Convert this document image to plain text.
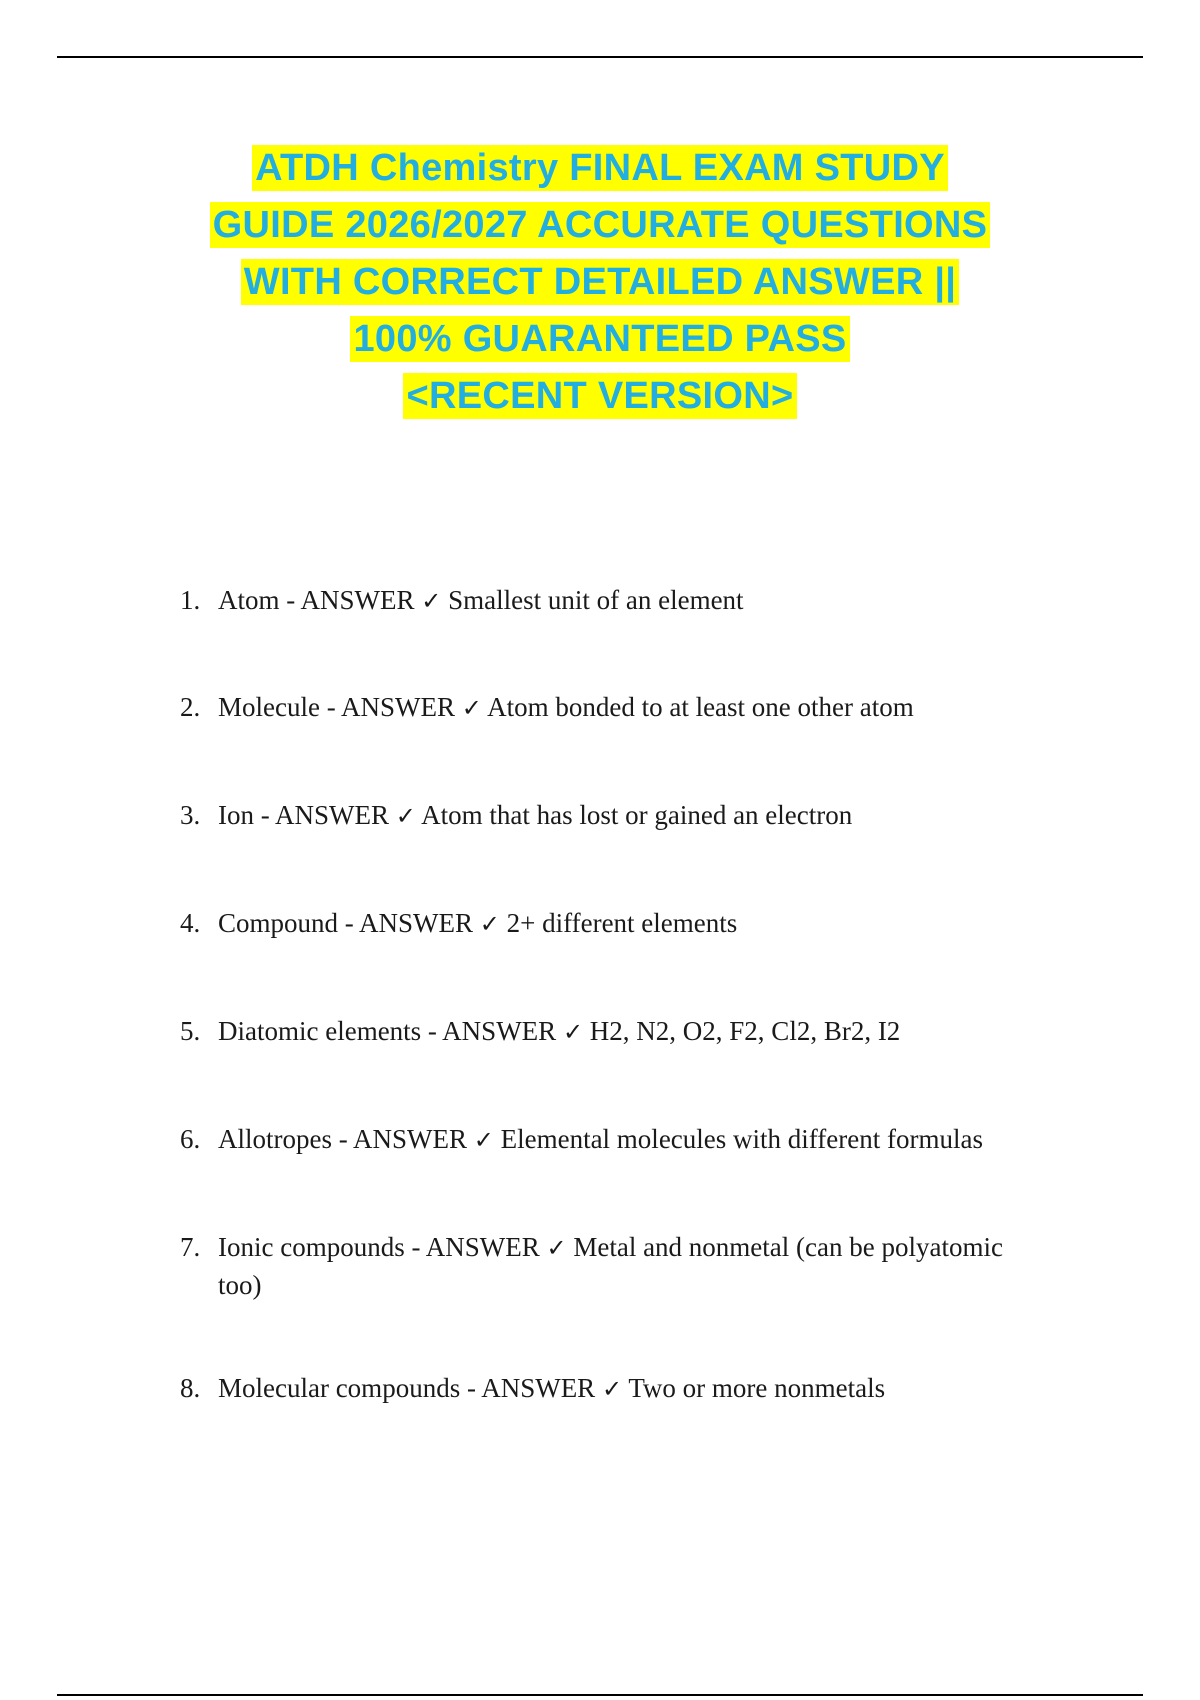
ATDH Chemistry FINAL EXAM STUDY
GUIDE 2026/2027 ACCURATE QUESTIONS
WITH CORRECT DETAILED ANSWER ||
100% GUARANTEED PASS
<RECENT VERSION>
1. Atom - ANSWER ✓ Smallest unit of an element
2. Molecule - ANSWER ✓ Atom bonded to at least one other atom
3. Ion - ANSWER ✓ Atom that has lost or gained an electron
4. Compound - ANSWER ✓ 2+ different elements
5. Diatomic elements - ANSWER ✓ H2, N2, O2, F2, Cl2, Br2, I2
6. Allotropes - ANSWER ✓ Elemental molecules with different formulas
7. Ionic compounds - ANSWER ✓ Metal and nonmetal (can be polyatomic too)
8. Molecular compounds - ANSWER ✓ Two or more nonmetals
